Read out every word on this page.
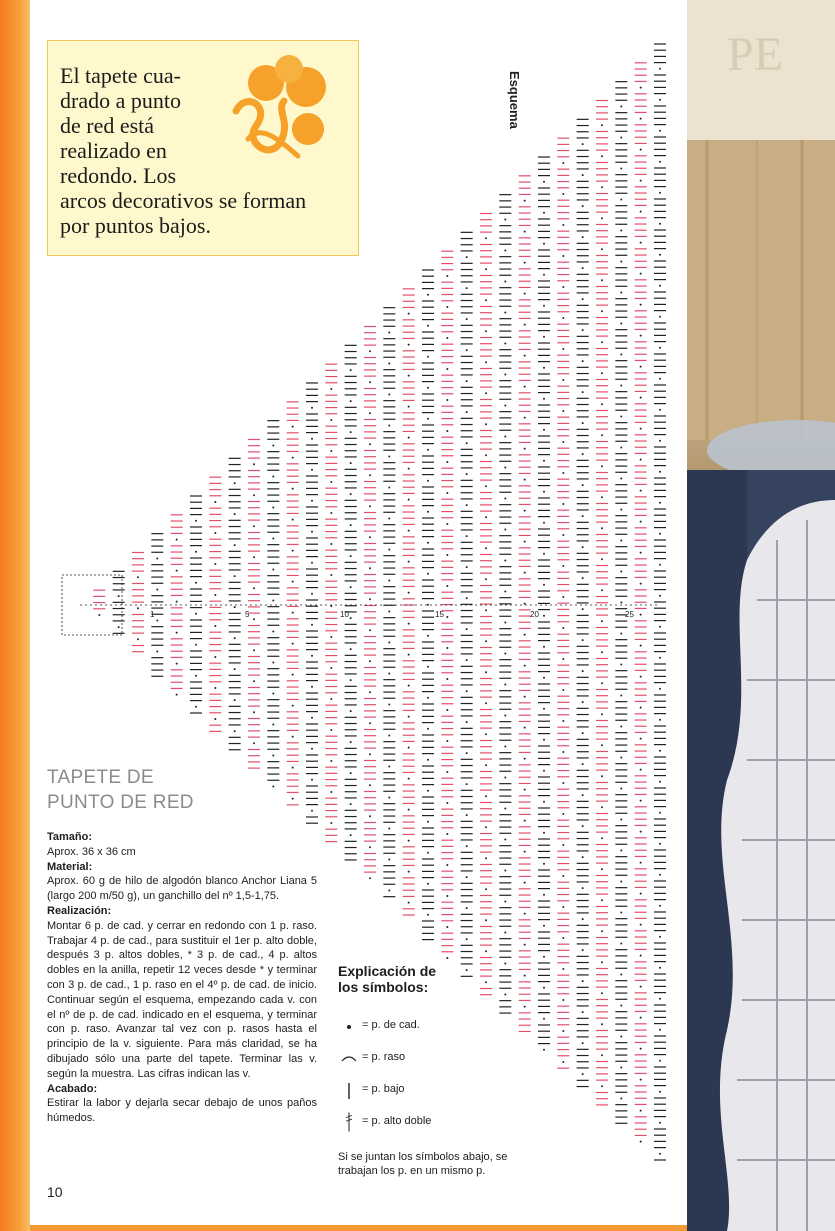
El tapete cua-
drado a punto
de red está
realizado en
redondo. Los
arcos decorativos se forman
por puntos bajos.
PE
1	5	10	15	20	25
Esquema
TAPETE DE
PUNTO DE RED
Tamaño:

Aprox. 36 x 36 cm

Material:

Aprox. 60 g de hilo de algodón blanco Anchor Liana 5 (largo 200 m/50 g), un ganchillo del nº 1,5-1,75.

Realización:

Montar 6 p. de cad. y cerrar en redondo con 1 p. raso. Trabajar 4 p. de cad., para sustituir el 1er p. alto doble, después 3 p. altos dobles, * 3 p. de cad., 4 p. altos dobles en la anilla, repetir 12 veces desde * y terminar con 3 p. de cad., 1 p. raso en el 4º p. de cad. de inicio. Continuar según el esquema, empezando cada v. con el nº de p. de cad. indicado en el esquema, y terminar con p. raso. Avanzar tal vez con p. rasos hasta el principio de la v. siguiente. Para más claridad, se ha dibujado sólo una parte del tapete. Terminar las v. según la muestra. Las cifras indican las v.

Acabado:

Estirar la labor y dejarla secar debajo de unos paños húmedos.

10
Explicación de los símbolos:
= p. de cad.
= p. raso
= p. bajo
= p. alto doble
Si se juntan los símbolos abajo, se trabajan los p. en un mismo p.
